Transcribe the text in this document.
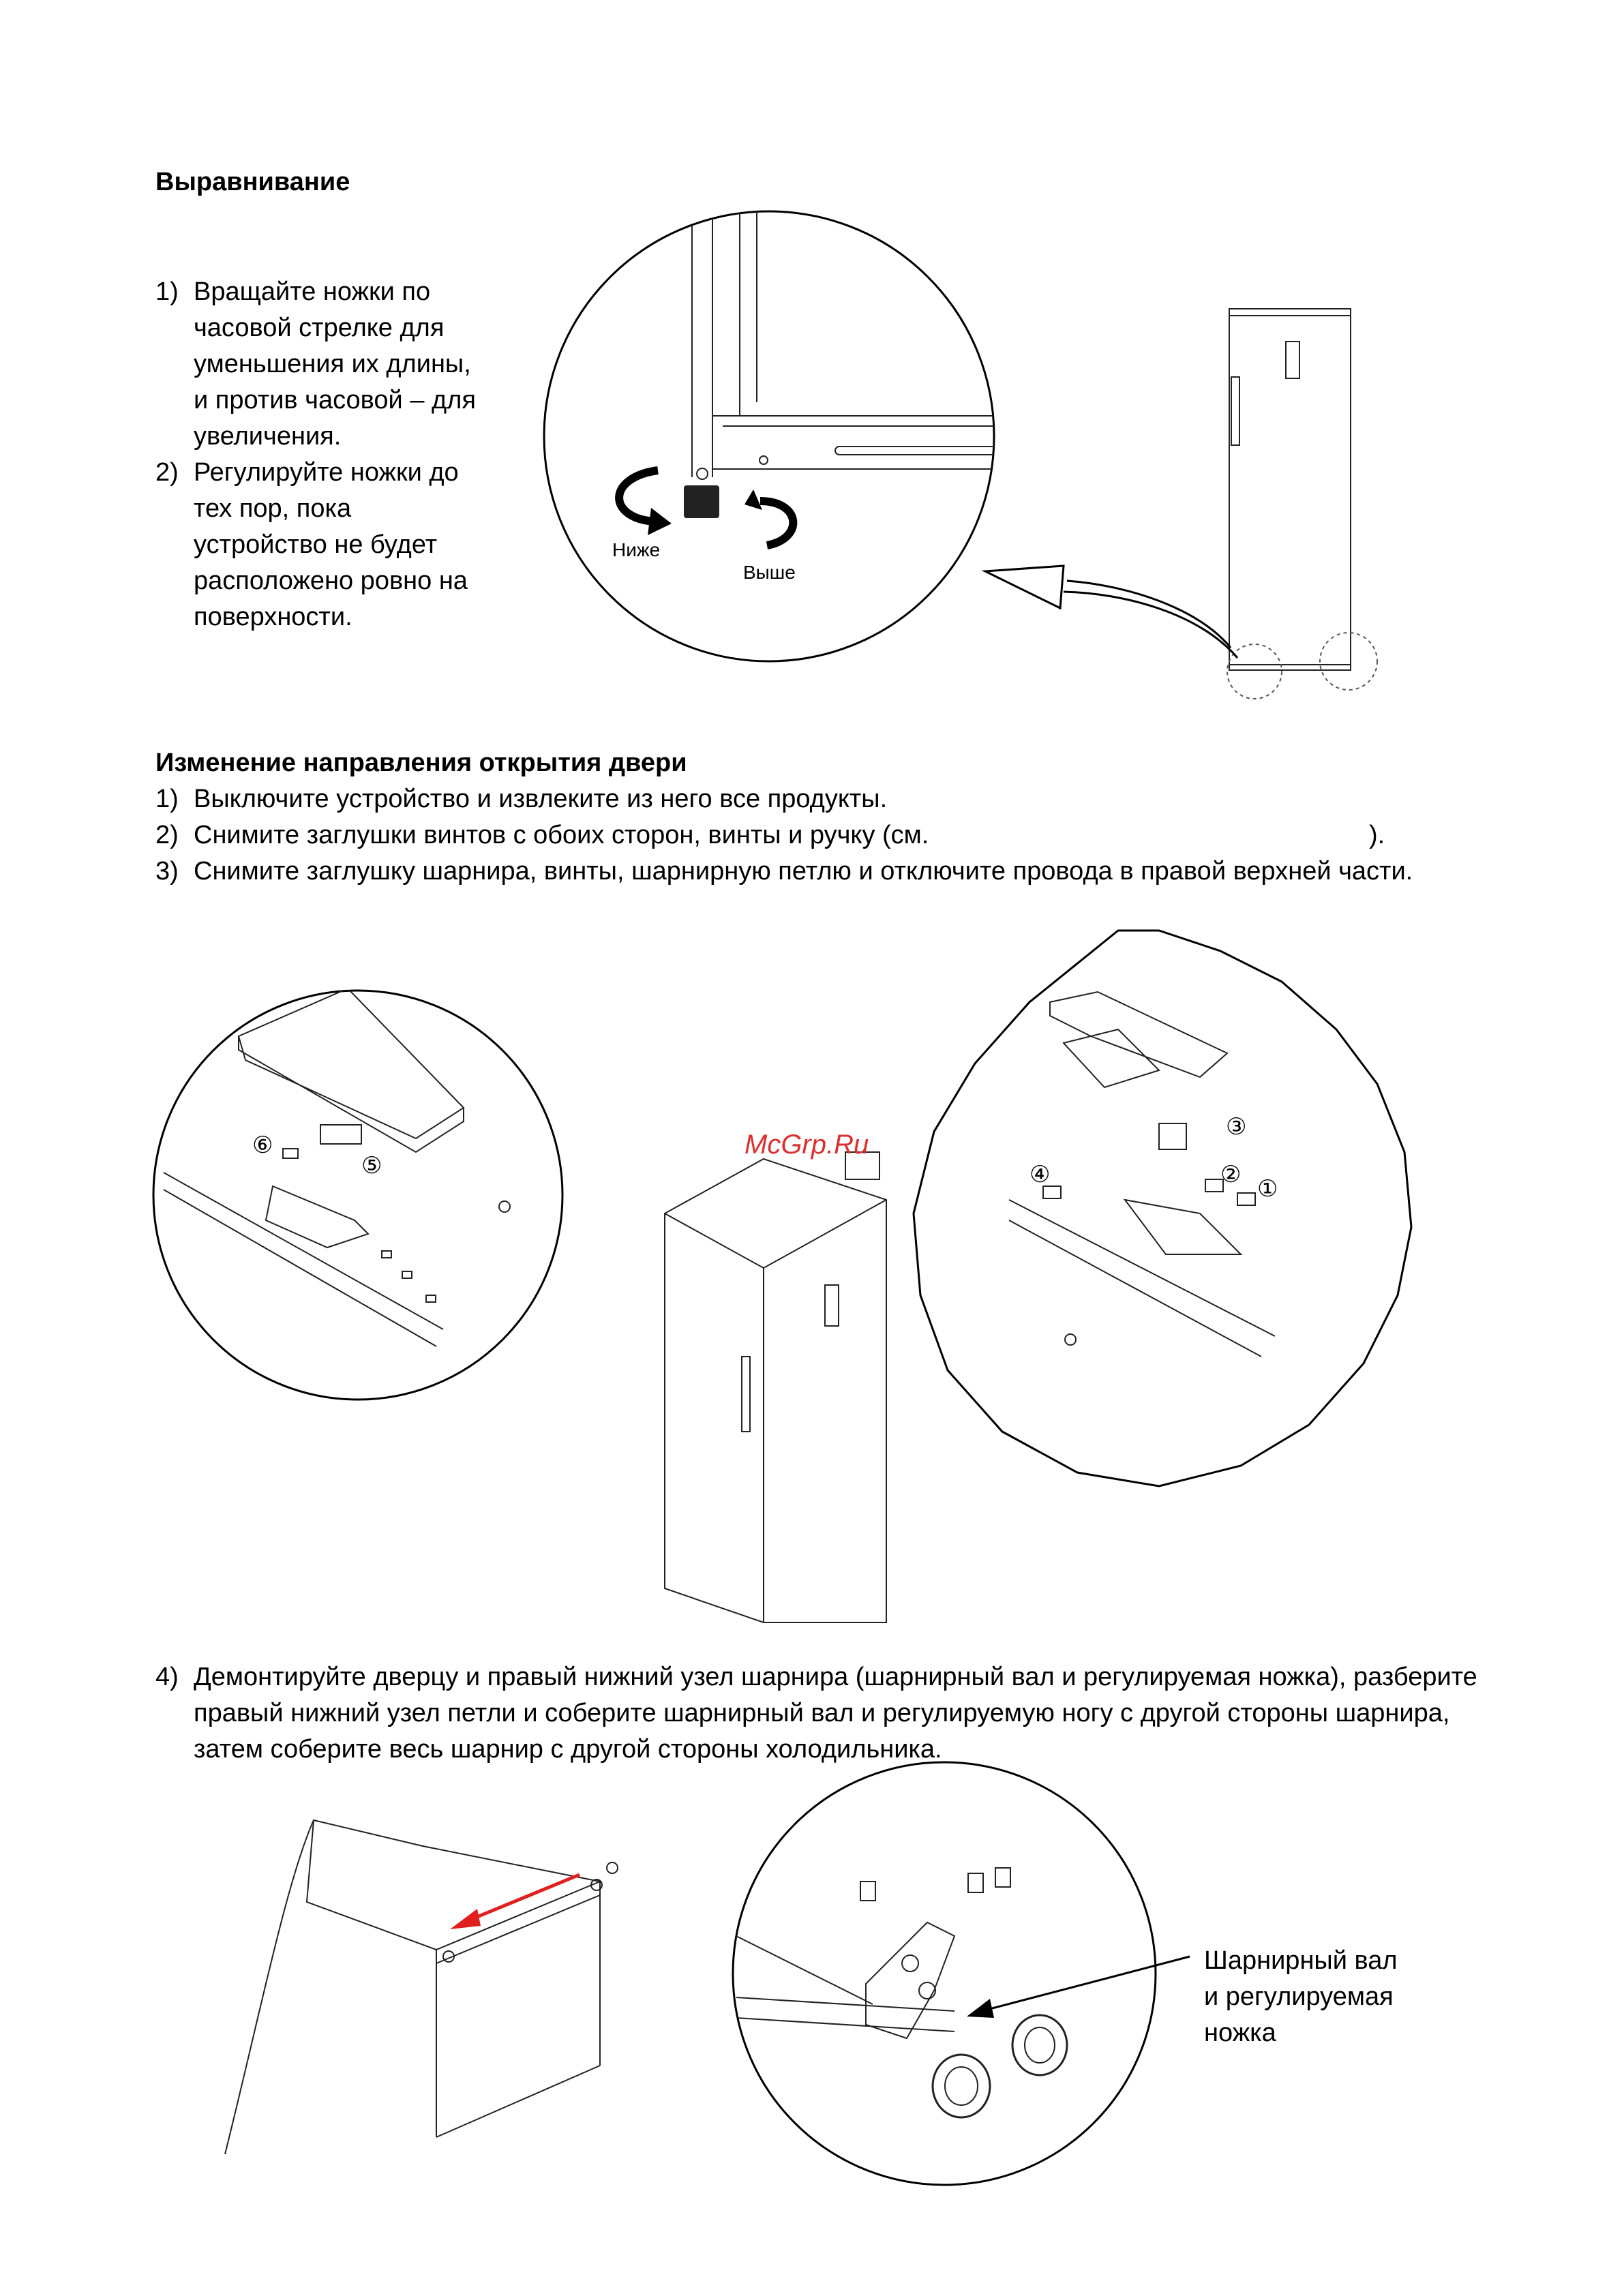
Выравнивание
1) Вращайте ножки по
часовой стрелке для
уменьшения их длины,
и против часовой – для
увеличения.
2) Регулируйте ножки до
тех пор, пока
устройство не будет
расположено ровно на
поверхности.
Ниже
Выше
Изменение направления открытия двери
1) Выключите устройство и извлеките из него все продукты.
2) Снимите заглушки винтов с обоих сторон, винты и ручку (см.	).
3) Снимите заглушку шарнира, винты, шарнирную петлю и отключите провода в правой верхней части.
⑥
⑤
③
④	②
①
McGrp.Ru
4) Демонтируйте дверцу и правый нижний узел шарнира (шарнирный вал и регулируемая ножка), разберите
правый нижний узел петли и соберите шарнирный вал и регулируемую ногу с другой стороны шарнира,
затем соберите весь шарнир с другой стороны холодильника.
Шарнирный вал
и регулируемая
ножка
